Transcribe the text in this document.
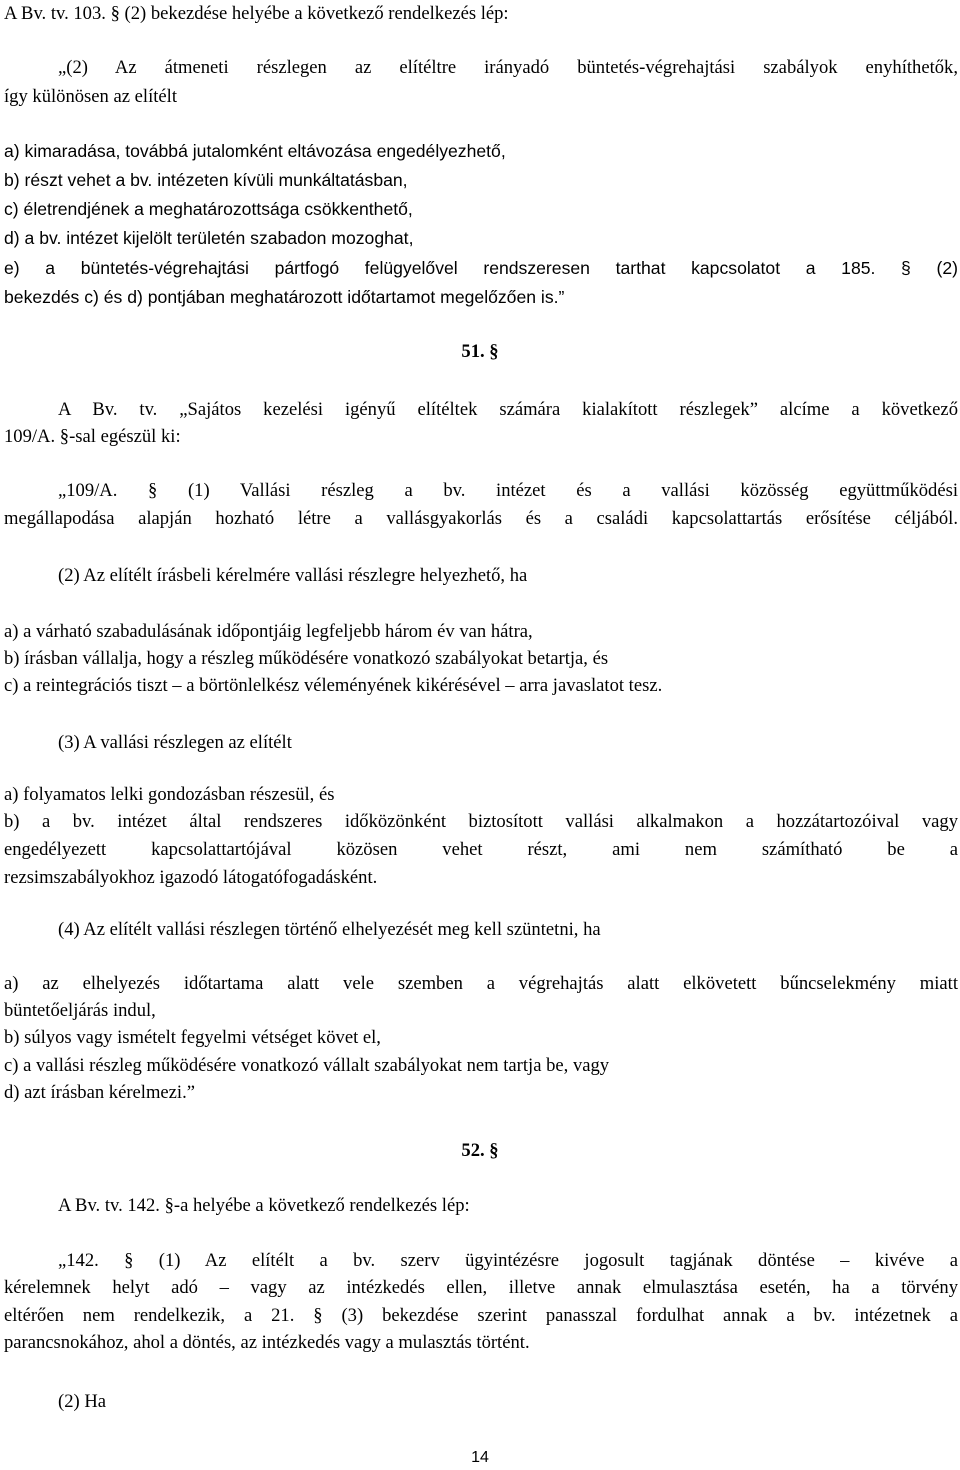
A Bv. tv. 103. § (2) bekezdése helyébe a következő rendelkezés lép:
„(2) Az átmeneti részlegen az elítéltre irányadó büntetés-végrehajtási szabályok enyhíthetők,
így különösen az elítélt
a) kimaradása, továbbá jutalomként eltávozása engedélyezhető,
b) részt vehet a bv. intézeten kívüli munkáltatásban,
c) életrendjének a meghatározottsága csökkenthető,
d) a bv. intézet kijelölt területén szabadon mozoghat,
e) a büntetés-végrehajtási pártfogó felügyelővel rendszeresen tarthat kapcsolatot a 185. § (2)
bekezdés c) és d) pontjában meghatározott időtartamot megelőzően is.”
51. §
A Bv. tv. „Sajátos kezelési igényű elítéltek számára kialakított részlegek” alcíme a következő
109/A. §-sal egészül ki:
„109/A. § (1) Vallási részleg a bv. intézet és a vallási közösség együttműködési
megállapodása alapján hozható létre a vallásgyakorlás és a családi kapcsolattartás erősítése céljából.
(2) Az elítélt írásbeli kérelmére vallási részlegre helyezhető, ha
a) a várható szabadulásának időpontjáig legfeljebb három év van hátra,
b) írásban vállalja, hogy a részleg működésére vonatkozó szabályokat betartja, és
c) a reintegrációs tiszt – a börtönlelkész véleményének kikérésével – arra javaslatot tesz.
(3) A vallási részlegen az elítélt
a) folyamatos lelki gondozásban részesül, és
b) a bv. intézet által rendszeres időközönként biztosított vallási alkalmakon a hozzátartozóival vagy
engedélyezett kapcsolattartójával közösen vehet részt, ami nem számítható be a
rezsimszabályokhoz igazodó látogatófogadásként.
(4) Az elítélt vallási részlegen történő elhelyezését meg kell szüntetni, ha
a) az elhelyezés időtartama alatt vele szemben a végrehajtás alatt elkövetett bűncselekmény miatt
büntetőeljárás indul,
b) súlyos vagy ismételt fegyelmi vétséget követ el,
c) a vallási részleg működésére vonatkozó vállalt szabályokat nem tartja be, vagy
d) azt írásban kérelmezi.”
52. §
A Bv. tv. 142. §-a helyébe a következő rendelkezés lép:
„142. § (1) Az elítélt a bv. szerv ügyintézésre jogosult tagjának döntése – kivéve a
kérelemnek helyt adó – vagy az intézkedés ellen, illetve annak elmulasztása esetén, ha a törvény
eltérően nem rendelkezik, a 21. § (3) bekezdése szerint panasszal fordulhat annak a bv. intézetnek a
parancsnokához, ahol a döntés, az intézkedés vagy a mulasztás történt.
(2) Ha
14
